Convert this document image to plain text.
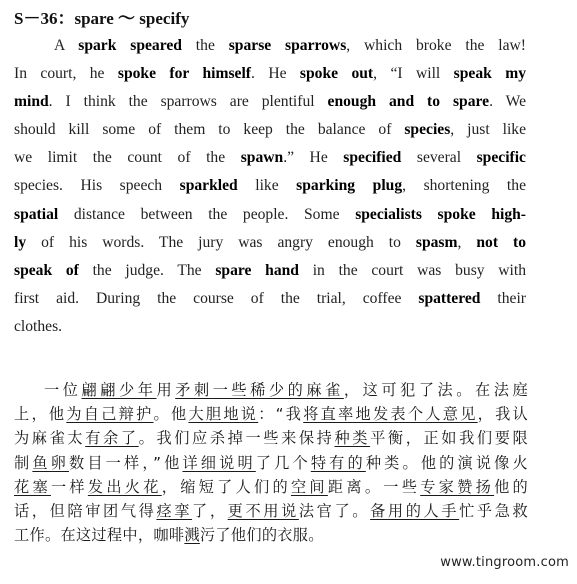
S－36：spare ～ specify
A spark speared the sparse sparrows, which broke the law!
In court, he spoke for himself. He spoke out, “I will speak my
mind. I think the sparrows are plentiful enough and to spare. We
should kill some of them to keep the balance of species, just like
we limit the count of the spawn.” He specified several specific
species. His speech sparkled like sparking plug, shortening the
spatial distance between the people. Some specialists spoke high-
ly of his words. The jury was angry enough to spasm, not to
speak of the judge. The spare hand in the court was busy with
first aid. During the course of the trial, coffee spattered their
clothes.
一位翩翩少年用矛刺一些稀少的麻雀，这可犯了法。在法庭
上，他为自己辩护。他大胆地说：“我将直率地发表个人意见，我认
为麻雀太有余了。我们应杀掉一些来保持种类平衡，正如我们要限
制鱼卵数目一样，”他详细说明了几个特有的种类。他的演说像火
花塞一样发出火花，缩短了人们的空间距离。一些专家赞扬他的
话，但陪审团气得痉挛了，更不用说法官了。备用的人手忙乎急救
工作。在这过程中，咖啡溅污了他们的衣服。
www.tingroom.com
